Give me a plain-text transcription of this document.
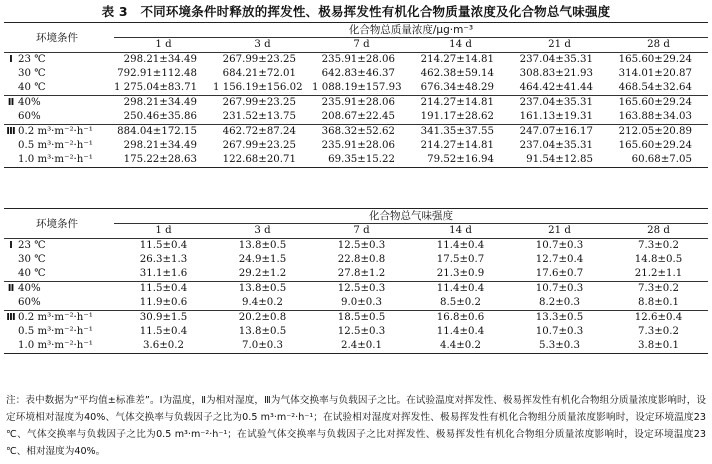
表 3　不同环境条件时释放的挥发性、极易挥发性有机化合物质量浓度及化合物总气味强度
环境条件		化合物总质量浓度/μg·m⁻³					
		1 d	3 d	7 d	14 d	21 d	28 d
Ⅰ	23 ℃	298.21±34.49	267.99±23.25	235.91±28.06	214.27±14.81	237.04±35.31	165.60±29.24
	30 ℃	792.91±112.48	684.21±72.01	642.83±46.37	462.38±59.14	308.83±21.93	314.01±20.87
	40 ℃	1 275.04±83.71	1 156.19±156.02	1 088.19±157.93	676.34±48.29	464.42±41.44	468.54±32.64
Ⅱ	40%	298.21±34.49	267.99±23.25	235.91±28.06	214.27±14.81	237.04±35.31	165.60±29.24
	60%	250.46±35.86	231.52±13.75	208.67±22.45	191.17±28.62	161.13±19.31	163.88±34.03
Ⅲ	0.2 m³·m⁻²·h⁻¹	884.04±172.15	462.72±87.24	368.32±52.62	341.35±37.55	247.07±16.17	212.05±20.89
	0.5 m³·m⁻²·h⁻¹	298.21±34.49	267.99±23.25	235.91±28.06	214.27±14.81	237.04±35.31	165.60±29.24
	1.0 m³·m⁻²·h⁻¹	175.22±28.63	122.68±20.71	69.35±15.22	79.52±16.94	91.54±12.85	60.68±7.05
环境条件		化合物总气味强度					
		1 d	3 d	7 d	14 d	21 d	28 d
Ⅰ	23 ℃	11.5±0.4	13.8±0.5	12.5±0.3	11.4±0.4	10.7±0.3	7.3±0.2
	30 ℃	26.3±1.3	24.9±1.5	22.8±0.8	17.5±0.7	12.7±0.4	14.8±0.5
	40 ℃	31.1±1.6	29.2±1.2	27.8±1.2	21.3±0.9	17.6±0.7	21.2±1.1
Ⅱ	40%	11.5±0.4	13.8±0.5	12.5±0.3	11.4±0.4	10.7±0.3	7.3±0.2
	60%	11.9±0.6	9.4±0.2	9.0±0.3	8.5±0.2	8.2±0.3	8.8±0.1
Ⅲ	0.2 m³·m⁻²·h⁻¹	30.9±1.5	20.2±0.8	18.5±0.5	16.8±0.6	13.3±0.5	12.6±0.4
	0.5 m³·m⁻²·h⁻¹	11.5±0.4	13.8±0.5	12.5±0.3	11.4±0.4	10.7±0.3	7.3±0.2
	1.0 m³·m⁻²·h⁻¹	3.6±0.2	7.0±0.3	2.4±0.1	4.4±0.2	5.3±0.3	3.8±0.1
注：表中数据为“平均值±标准差”。Ⅰ为温度，Ⅱ为相对湿度，Ⅲ为气体交换率与负载因子之比。在试验温度对挥发性、极易挥发性有机化合物组分质量浓度影响时，设定环境相对湿度为40%、气体交换率与负载因子之比为0.5 m³·m⁻²·h⁻¹；在试验相对湿度对挥发性、极易挥发性有机化合物组分质量浓度影响时，设定环境温度23 ℃、气体交换率与负载因子之比为0.5 m³·m⁻²·h⁻¹；在试验气体交换率与负载因子之比对挥发性、极易挥发性有机化合物组分质量浓度影响时，设定环境温度23 ℃、相对湿度为40%。
